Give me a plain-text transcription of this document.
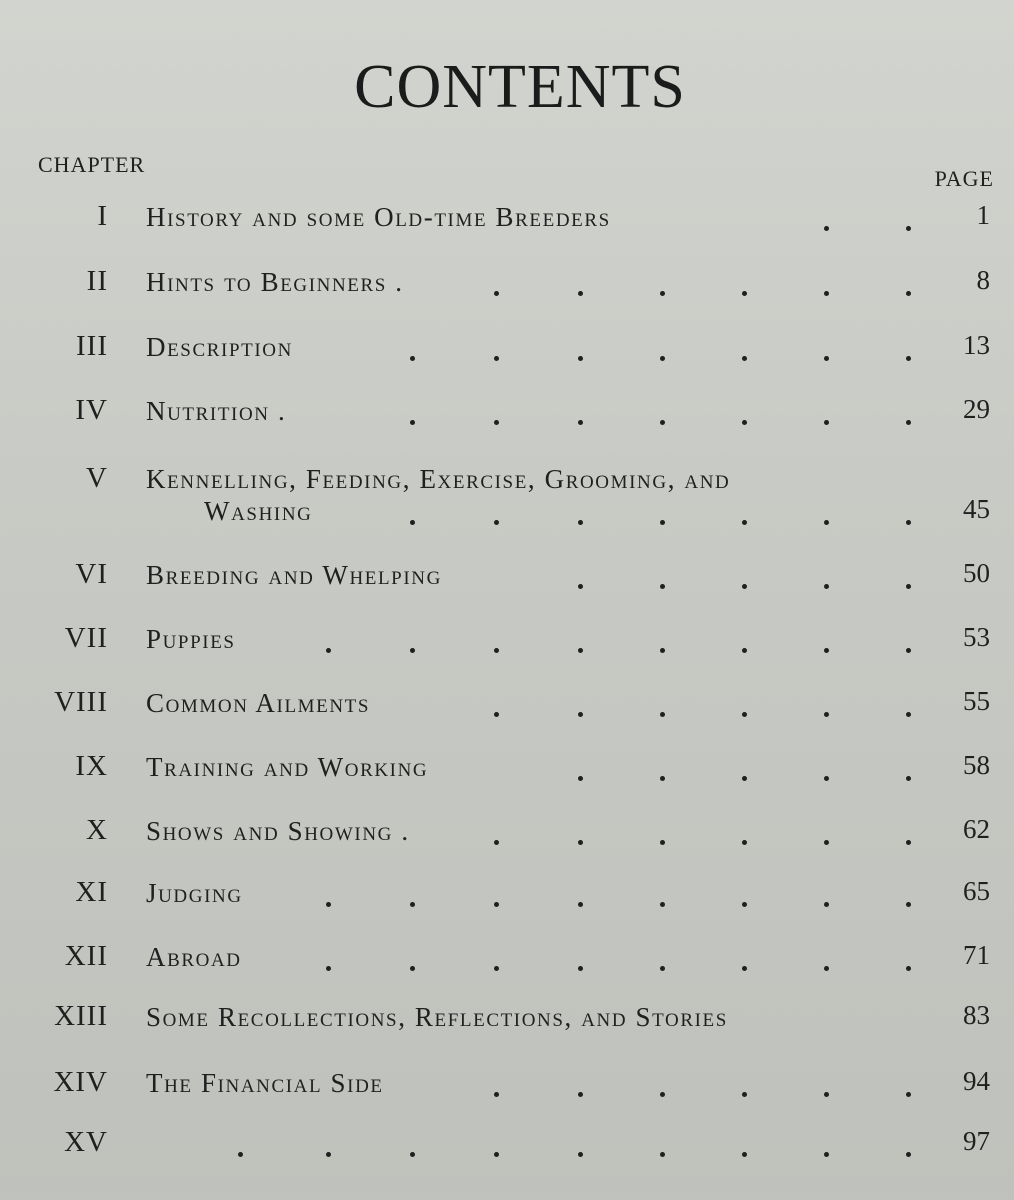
CONTENTS
CHAPTER
PAGE
I History and some Old-time Breeders	1
II Hints to Beginners .	8
III Description	13
IV Nutrition .	29
V Kennelling, Feeding, Exercise, Grooming, and
Washing	45
VI Breeding and Whelping	50
VII Puppies	53
VIII Common Ailments	55
IX Training and Working	58
X Shows and Showing .	62
XI Judging	65
XII Abroad	71
XIII Some Recollections, Reflections, and Stories	83
XIV The Financial Side	94
XV	97
